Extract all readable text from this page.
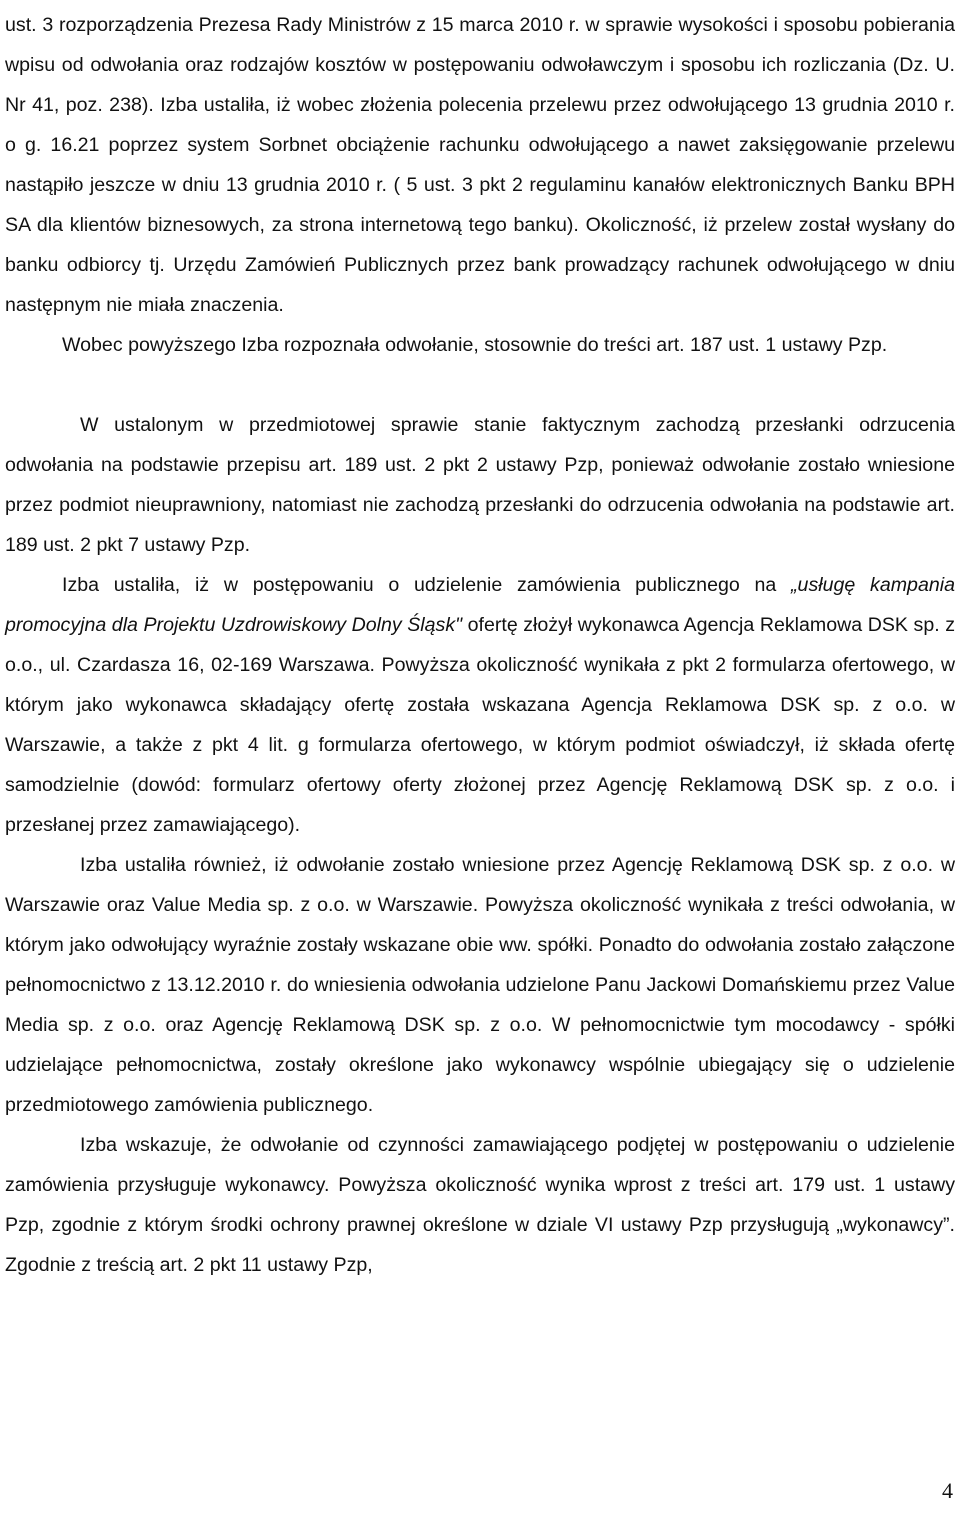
ust. 3 rozporządzenia Prezesa Rady Ministrów z 15 marca 2010 r. w sprawie wysokości i sposobu pobierania wpisu od odwołania oraz rodzajów kosztów w postępowaniu odwoławczym i sposobu ich rozliczania (Dz. U. Nr 41, poz. 238). Izba ustaliła, iż wobec złożenia polecenia przelewu przez odwołującego 13 grudnia 2010 r. o g. 16.21 poprzez system Sorbnet obciążenie rachunku odwołującego a nawet zaksięgowanie przelewu nastąpiło jeszcze w dniu 13 grudnia 2010 r. ( 5 ust. 3 pkt 2 regulaminu kanałów elektronicznych Banku BPH SA dla klientów biznesowych, za strona internetową tego banku). Okoliczność, iż przelew został wysłany do banku odbiorcy tj. Urzędu Zamówień Publicznych przez bank prowadzący rachunek odwołującego w dniu następnym nie miała znaczenia.

Wobec powyższego Izba rozpoznała odwołanie, stosownie do treści art. 187 ust. 1 ustawy Pzp.

W ustalonym w przedmiotowej sprawie stanie faktycznym zachodzą przesłanki odrzucenia odwołania na podstawie przepisu art. 189 ust. 2 pkt 2 ustawy Pzp, ponieważ odwołanie zostało wniesione przez podmiot nieuprawniony, natomiast nie zachodzą przesłanki do odrzucenia odwołania na podstawie art. 189 ust. 2 pkt 7 ustawy Pzp.

Izba ustaliła, iż w postępowaniu o udzielenie zamówienia publicznego na „usługę kampania promocyjna dla Projektu Uzdrowiskowy Dolny Śląsk" ofertę złożył wykonawca Agencja Reklamowa DSK sp. z o.o., ul. Czardasza 16, 02-169 Warszawa. Powyższa okoliczność wynikała z pkt 2 formularza ofertowego, w którym jako wykonawca składający ofertę została wskazana Agencja Reklamowa DSK sp. z o.o. w Warszawie, a także z pkt 4 lit. g formularza ofertowego, w którym podmiot oświadczył, iż składa ofertę samodzielnie (dowód: formularz ofertowy oferty złożonej przez Agencję Reklamową DSK sp. z o.o. i przesłanej przez zamawiającego).

Izba ustaliła również, iż odwołanie zostało wniesione przez Agencję Reklamową DSK sp. z o.o. w Warszawie oraz Value Media sp. z o.o. w Warszawie. Powyższa okoliczność wynikała z treści odwołania, w którym jako odwołujący wyraźnie zostały wskazane obie ww. spółki. Ponadto do odwołania zostało załączone pełnomocnictwo z 13.12.2010 r. do wniesienia odwołania udzielone Panu Jackowi Domańskiemu przez Value Media sp. z o.o. oraz Agencję Reklamową DSK sp. z o.o. W pełnomocnictwie tym mocodawcy - spółki udzielające pełnomocnictwa, zostały określone jako wykonawcy wspólnie ubiegający się o udzielenie przedmiotowego zamówienia publicznego.

Izba wskazuje, że odwołanie od czynności zamawiającego podjętej w postępowaniu o udzielenie zamówienia przysługuje wykonawcy. Powyższa okoliczność wynika wprost z treści art. 179 ust. 1 ustawy Pzp, zgodnie z którym środki ochrony prawnej określone w dziale VI ustawy Pzp przysługują „wykonawcy”. Zgodnie z treścią art. 2 pkt 11 ustawy Pzp,

4
